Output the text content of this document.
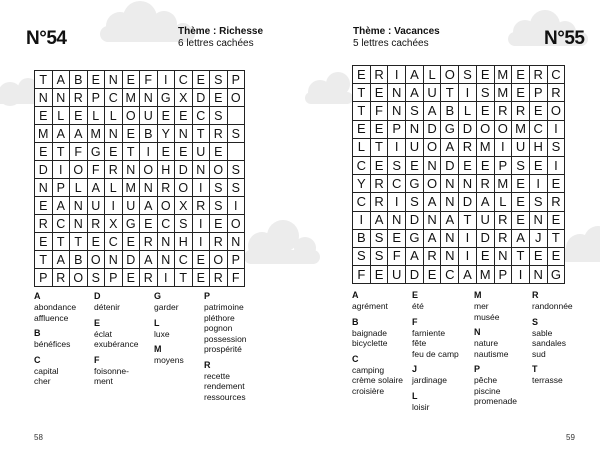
N°54	Thème : Richesse
6 lettres cachées
T	A	B	E	N	E	F	I	C	E	S	P
N	N	R	P	C	M	N	G	X	D	E	O
E	L	E	L	L	O	U	E	E	C	S	
M	A	A	M	N	E	B	Y	N	T	R	S
E	T	F	G	E	T	I	E	E	U	E	
D	I	O	F	R	N	O	H	D	N	O	S
N	P	L	A	L	M	N	R	O	I	S	S
E	A	N	U	I	U	A	O	X	R	S	I
R	C	N	R	X	G	E	C	S	I	E	O
E	T	T	E	C	E	R	N	H	I	R	N
T	A	B	O	N	D	A	N	C	E	O	P
P	R	O	S	P	E	R	I	T	E	R	F
A
abondance
affluence
B
bénéfices
C
capital
cher
D
détenir
E
éclat
exubérance
F
foisonne-
ment
G
garder
L
luxe
M
moyens
P
patrimoine
pléthore
pognon
possession
prospérité
R
recette
rendement
ressources
58
Thème : Vacances
5 lettres cachées	N°55
E	R	I	A	L	O	S	E	M	E	R	C
T	E	N	A	U	T	I	S	M	E	P	R
T	F	N	S	A	B	L	E	R	R	E	O
E	E	P	N	D	G	D	O	O	M	C	I
L	T	I	U	O	A	R	M	I	U	H	S
C	E	S	E	N	D	E	E	P	S	E	I
Y	R	C	G	O	N	N	R	M	E	I	E
C	R	I	S	A	N	D	A	L	E	S	R
I	A	N	D	N	A	T	U	R	E	N	E
B	S	E	G	A	N	I	D	R	A	J	T
S	S	F	A	R	N	I	E	N	T	E	E
F	E	U	D	E	C	A	M	P	I	N	G
A
agrément
B
baignade
bicyclette
C
camping
crème solaire
croisière
E
été
F
farniente
fête
feu de camp
J
jardinage
L
loisir
M
mer
musée
N
nature
nautisme
P
pêche
piscine
promenade
R
randonnée
S
sable
sandales
sud
T
terrasse
59
